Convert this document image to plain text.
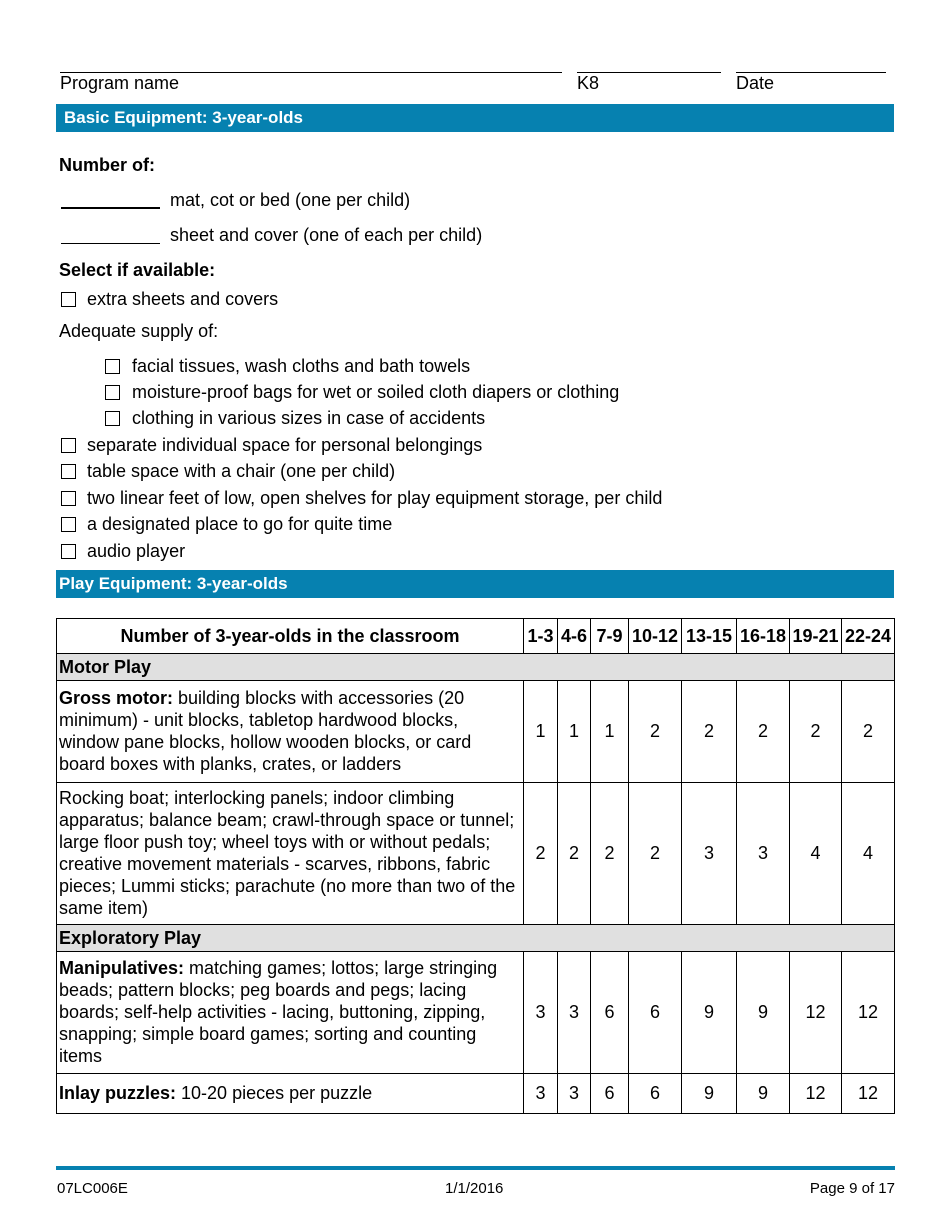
Program name	K8	Date
Basic Equipment: 3-year-olds
Number of:
mat, cot or bed (one per child)
sheet and cover (one of each per child)
Select if available:
extra sheets and covers
Adequate supply of:
facial tissues, wash cloths and bath towels
moisture-proof bags for wet or soiled cloth diapers or clothing
clothing in various sizes in case of accidents
separate individual space for personal belongings
table space with a chair (one per child)
two linear feet of low, open shelves for play equipment storage, per child
a designated place to go for quite time
audio player
Play Equipment: 3-year-olds
Number of 3-year-olds in the classroom	1-3	4-6	7-9	10-12	13-15	16-18	19-21	22-24
Motor Play								
Gross motor: building blocks with accessories (20 minimum) - unit blocks, tabletop hardwood blocks, window pane blocks, hollow wooden blocks, or card board boxes with planks, crates, or ladders	1	1	1	2	2	2	2	2
Rocking boat; interlocking panels; indoor climbing apparatus; balance beam; crawl-through space or tunnel; large floor push toy; wheel toys with or without pedals; creative movement materials - scarves, ribbons, fabric pieces; Lummi sticks; parachute (no more than two of the same item)	2	2	2	2	3	3	4	4
Exploratory Play								
Manipulatives: matching games; lottos; large stringing beads; pattern blocks; peg boards and pegs; lacing boards; self-help activities - lacing, buttoning, zipping, snapping; simple board games; sorting and counting items	3	3	6	6	9	9	12	12
Inlay puzzles: 10-20 pieces per puzzle	3	3	6	6	9	9	12	12
07LC006E	1/1/2016	Page 9 of 17
